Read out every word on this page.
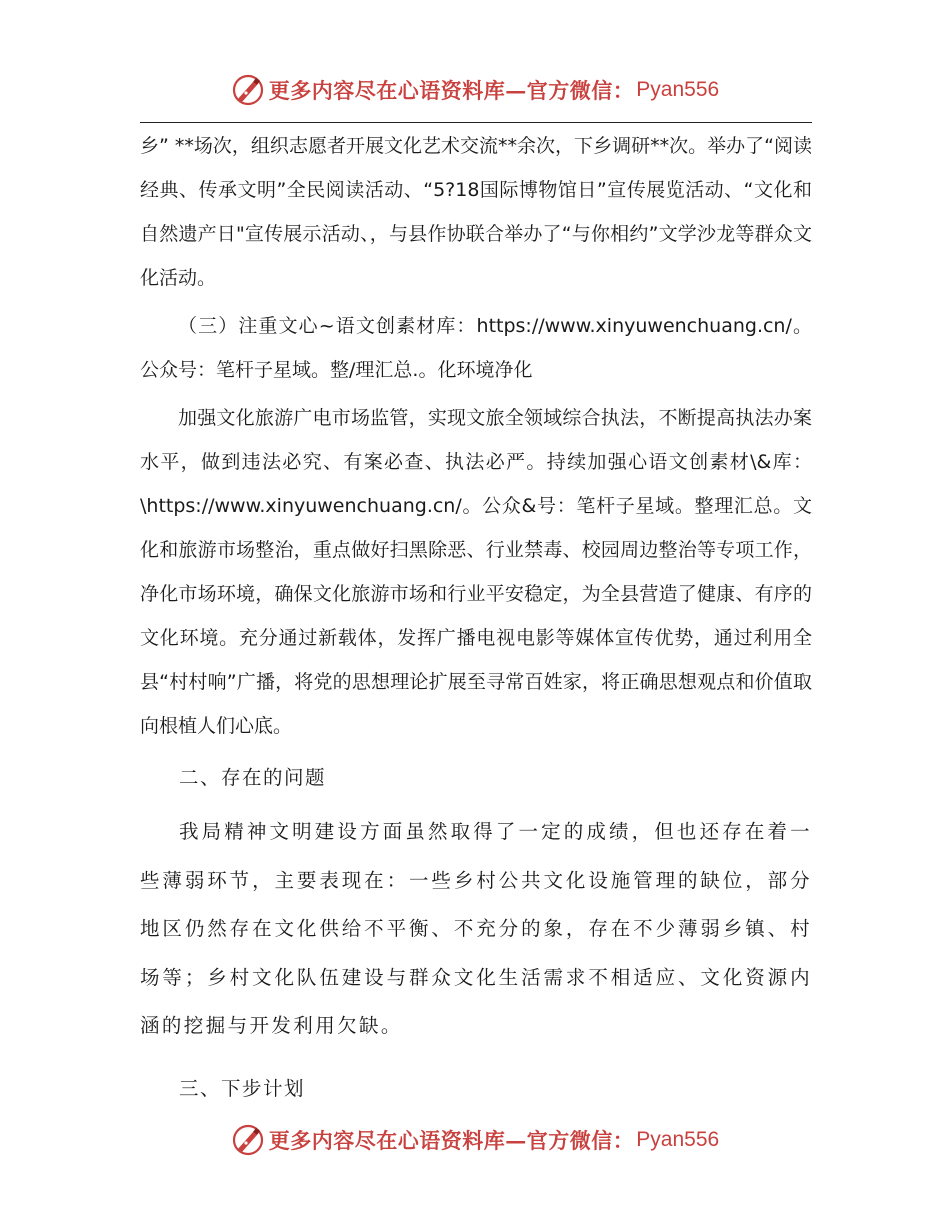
更多内容尽在心语资料库—官方微信： Pyan556

乡” **场次，组织志愿者开展文化艺术交流**余次，下乡调研**次。举办了“阅读经典、传承文明”全民阅读活动、“5?18国际博物馆日”宣传展览活动、“文化和自然遗产日"宣传展示活动、，与县作协联合举办了“与你相约”文学沙龙等群众文化活动。

（三）注重文心~语文创素材库：https://www.xinyuwenchuang.cn/。公众号：笔杆子星域。整/理汇总.。化环境净化

加强文化旅游广电市场监管，实现文旅全领域综合执法，不断提高执法办案水平，做到违法必究、有案必查、执法必严。持续加强心语文创素材\&库：\https://www.xinyuwenchuang.cn/。公众&号：笔杆子星域。整理汇总。文化和旅游市场整治，重点做好扫黑除恶、行业禁毒、校园周边整治等专项工作，净化市场环境，确保文化旅游市场和行业平安稳定，为全县营造了健康、有序的文化环境。充分通过新载体，发挥广播电视电影等媒体宣传优势，通过利用全县“村村响”广播，将党的思想理论扩展至寻常百姓家，将正确思想观点和价值取向根植人们心底。

二、存在的问题

我局精神文明建设方面虽然取得了一定的成绩，但也还存在着一些薄弱环节，主要表现在：一些乡村公共文化设施管理的缺位，部分地区仍然存在文化供给不平衡、不充分的象，存在不少薄弱乡镇、村场等；乡村文化队伍建设与群众文化生活需求不相适应、文化资源内涵的挖掘与开发利用欠缺。

三、下步计划

更多内容尽在心语资料库—官方微信： Pyan556
